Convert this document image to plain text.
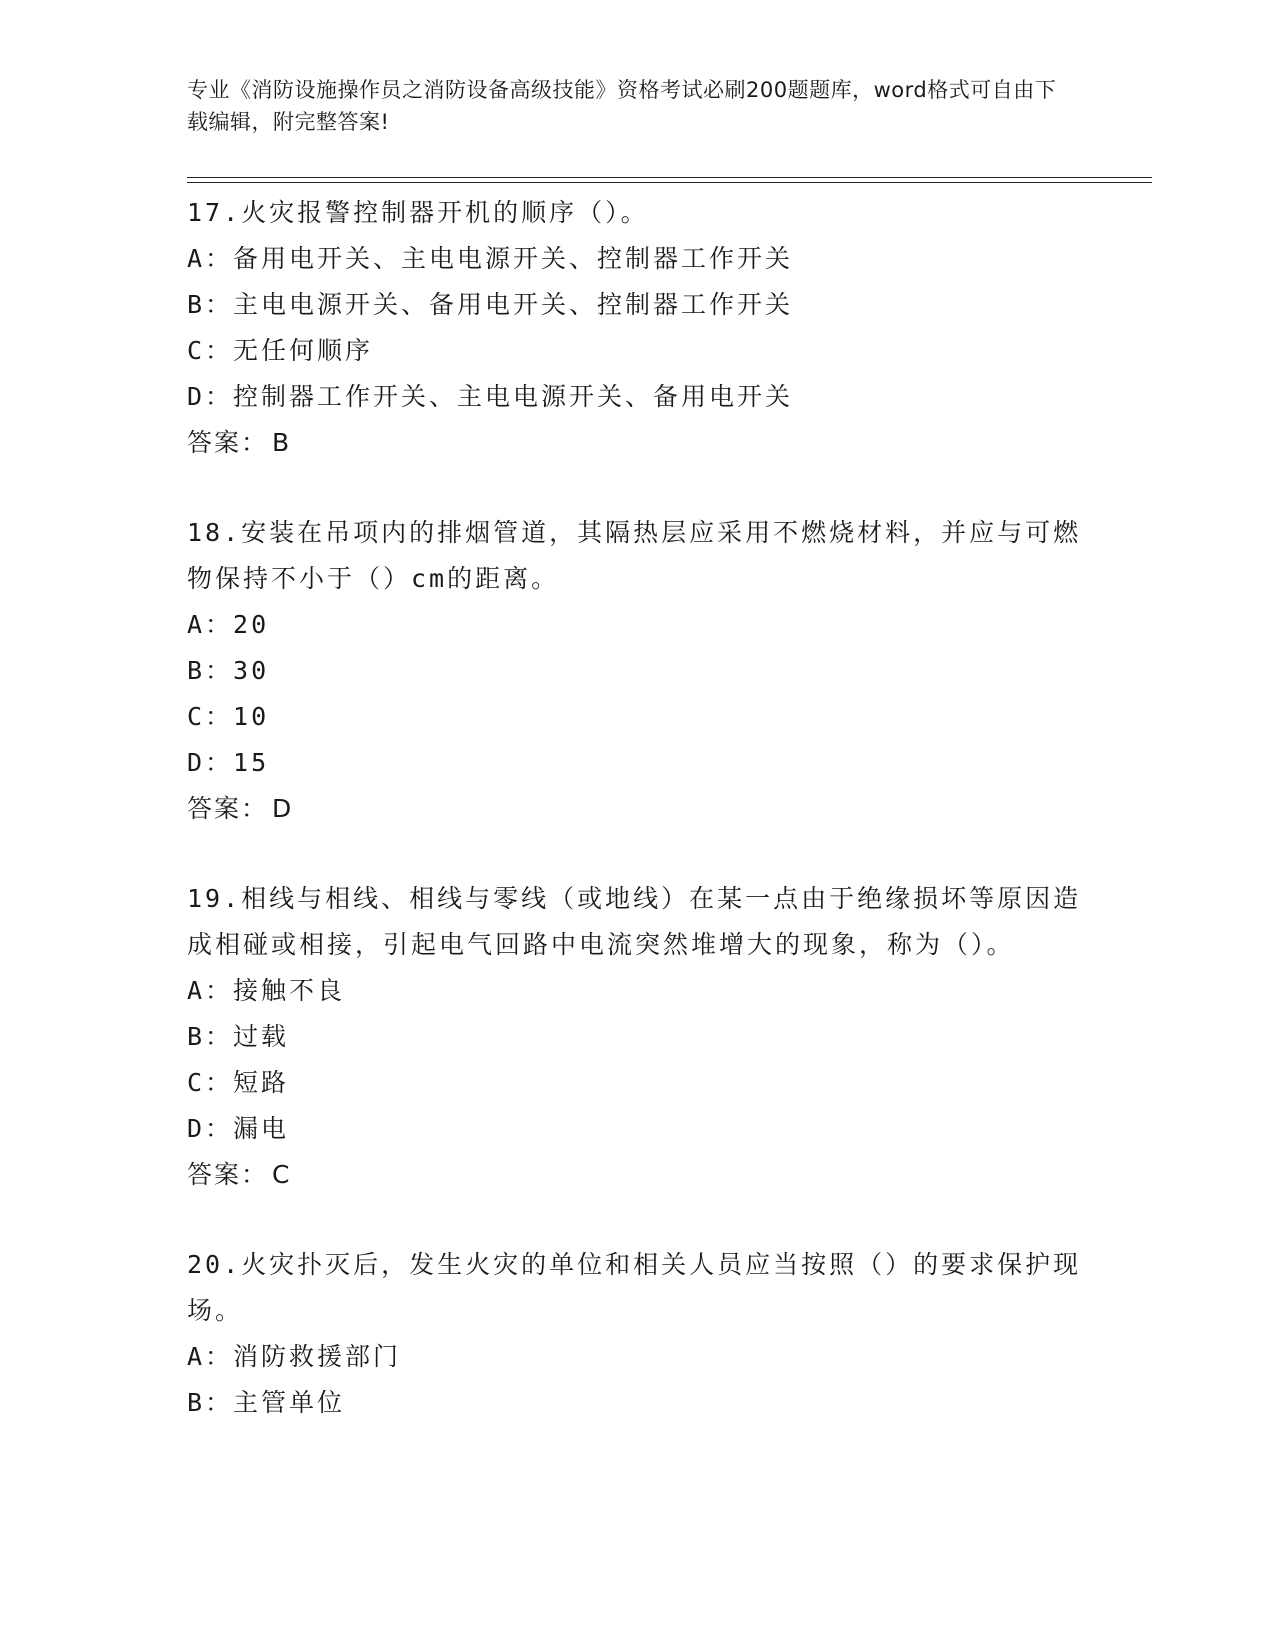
专业《消防设施操作员之消防设备高级技能》资格考试必刷200题题库，word格式可自由下载编辑，附完整答案!

17.火灾报警控制器开机的顺序（）。

A：备用电开关、主电电源开关、控制器工作开关

B：主电电源开关、备用电开关、控制器工作开关

C：无任何顺序

D：控制器工作开关、主电电源开关、备用电开关

答案： B

18.安装在吊项内的排烟管道，其隔热层应采用不燃烧材料，并应与可燃物保持不小于（）cm的距离。

A：20

B：30

C：10

D：15

答案： D

19.相线与相线、相线与零线（或地线）在某一点由于绝缘损坏等原因造成相碰或相接，引起电气回路中电流突然堆增大的现象，称为（）。

A：接触不良

B：过载

C：短路

D：漏电

答案： C

20.火灾扑灭后，发生火灾的单位和相关人员应当按照（）的要求保护现场。

A：消防救援部门

B：主管单位
